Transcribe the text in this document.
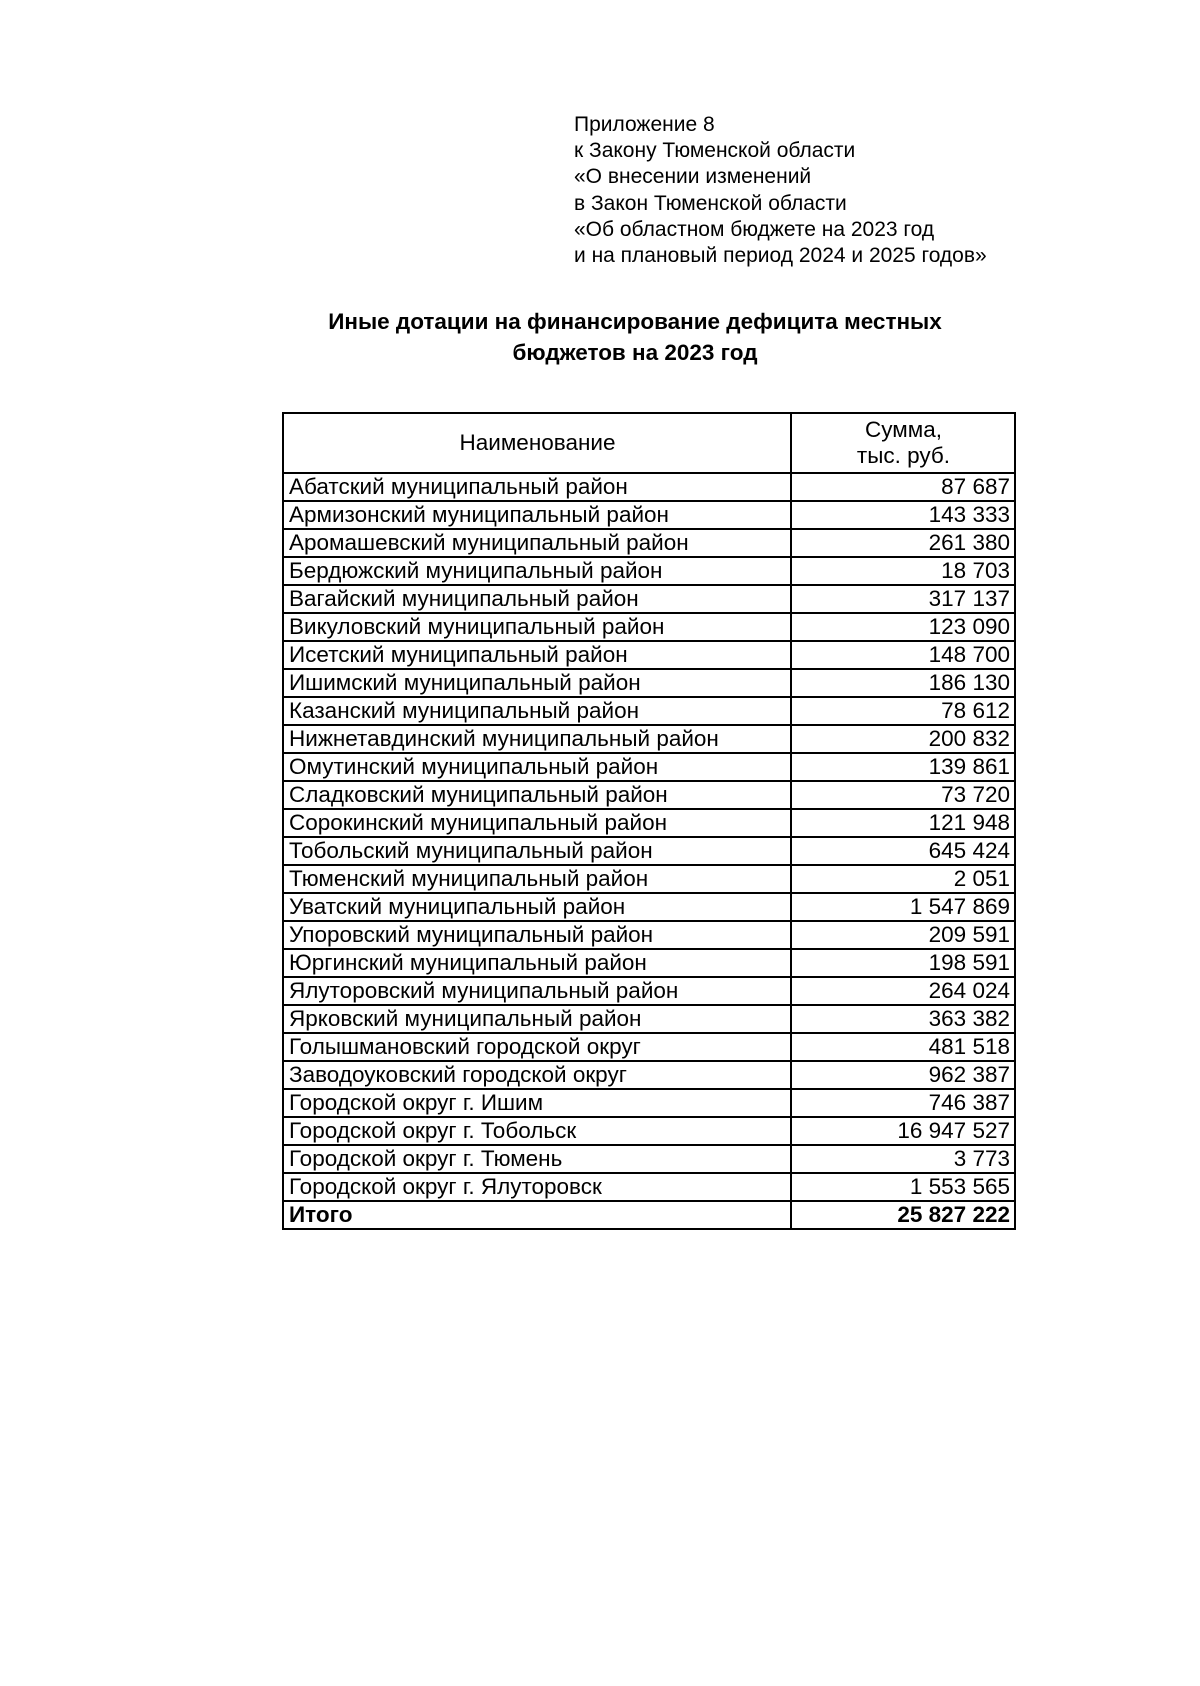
Приложение 8
к Закону Тюменской области
«О внесении изменений
в Закон Тюменской области
«Об областном бюджете на 2023 год
и на плановый период 2024 и 2025 годов»
Иные дотации на финансирование дефицита местных
бюджетов на 2023 год
Наименование	Сумма,
тыс. руб.

Абатский муниципальный район	87 687
Армизонский муниципальный район	143 333
Аромашевский муниципальный район	261 380
Бердюжский муниципальный район	18 703
Вагайский муниципальный район	317 137
Викуловский муниципальный район	123 090
Исетский муниципальный район	148 700
Ишимский муниципальный район	186 130
Казанский муниципальный район	78 612
Нижнетавдинский муниципальный район	200 832
Омутинский муниципальный район	139 861
Сладковский муниципальный район	73 720
Сорокинский муниципальный район	121 948
Тобольский муниципальный район	645 424
Тюменский муниципальный район	2 051
Уватский муниципальный район	1 547 869
Упоровский муниципальный район	209 591
Юргинский муниципальный район	198 591
Ялуторовский муниципальный район	264 024
Ярковский муниципальный район	363 382
Голышмановский городской округ	481 518
Заводоуковский городской округ	962 387
Городской округ г. Ишим	746 387
Городской округ г. Тобольск	16 947 527
Городской округ г. Тюмень	3 773
Городской округ г. Ялуторовск	1 553 565
Итого	25 827 222
